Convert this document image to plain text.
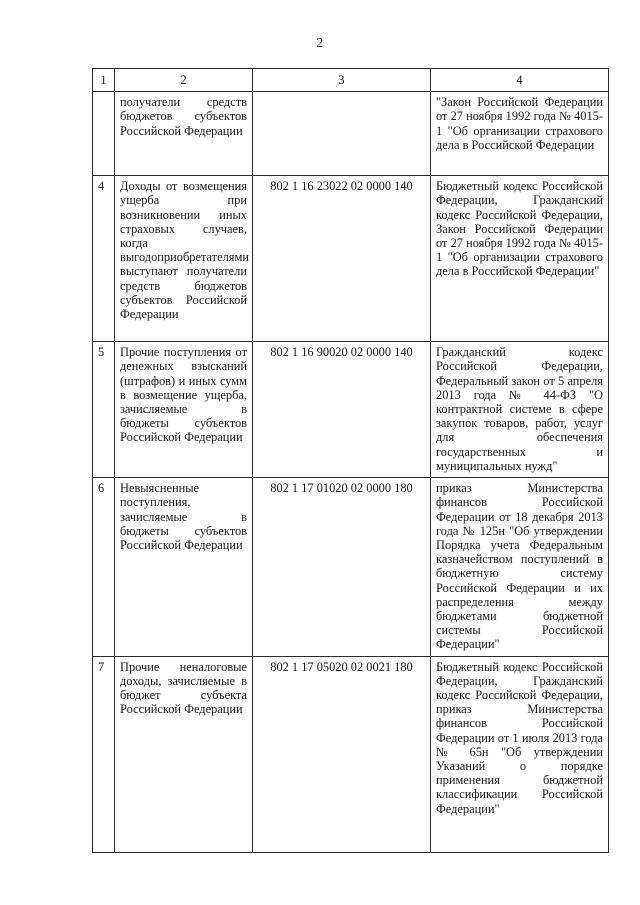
2
1	2	3	4
	получатели средств бюджетов субъектов Российской Федерации		"Закон Российской Федерации от 27 ноября 1992 года № 4015-1 "Об организации страхового дела в Российской Федерации
4	Доходы от возмещения ущерба при возникновении иных страховых случаев, когда выгодоприобретателями выступают получатели средств бюджетов субъектов Российской Федерации	802 1 16 23022 02 0000 140	Бюджетный кодекс Российской Федерации, Гражданский кодекс Российской Федерации, Закон Российской Федерации от 27 ноября 1992 года № 4015-1 "Об организации страхового дела в Российской Федерации"
5	Прочие поступления от денежных взысканий (штрафов) и иных сумм в возмещение ущерба, зачисляемые в бюджеты субъектов Российской Федерации	802 1 16 90020 02 0000 140	Гражданский кодекс Российской Федерации, Федеральный закон от 5 апреля 2013 года № 44-ФЗ "О контрактной системе в сфере закупок товаров, работ, услуг для обеспечения государственных и муниципальных нужд"
6	Невыясненные поступления, зачисляемые в бюджеты субъектов Российской Федерации	802 1 17 01020 02 0000 180	приказ Министерства финансов Российской Федерации от 18 декабря 2013 года № 125н "Об утверждении Порядка учета Федеральным казначейством поступлений в бюджетную систему Российской Федерации и их распределения между бюджетами бюджетной системы Российской Федерации"
7	Прочие неналоговые доходы, зачисляемые в бюджет субъекта Российской Федерации	802 1 17 05020 02 0021 180	Бюджетный кодекс Российской Федерации, Гражданский кодекс Российской Федерации, приказ Министерства финансов Российской Федерации от 1 июля 2013 года № 65н "Об утверждении Указаний о порядке применения бюджетной классификации Российской Федерации"
